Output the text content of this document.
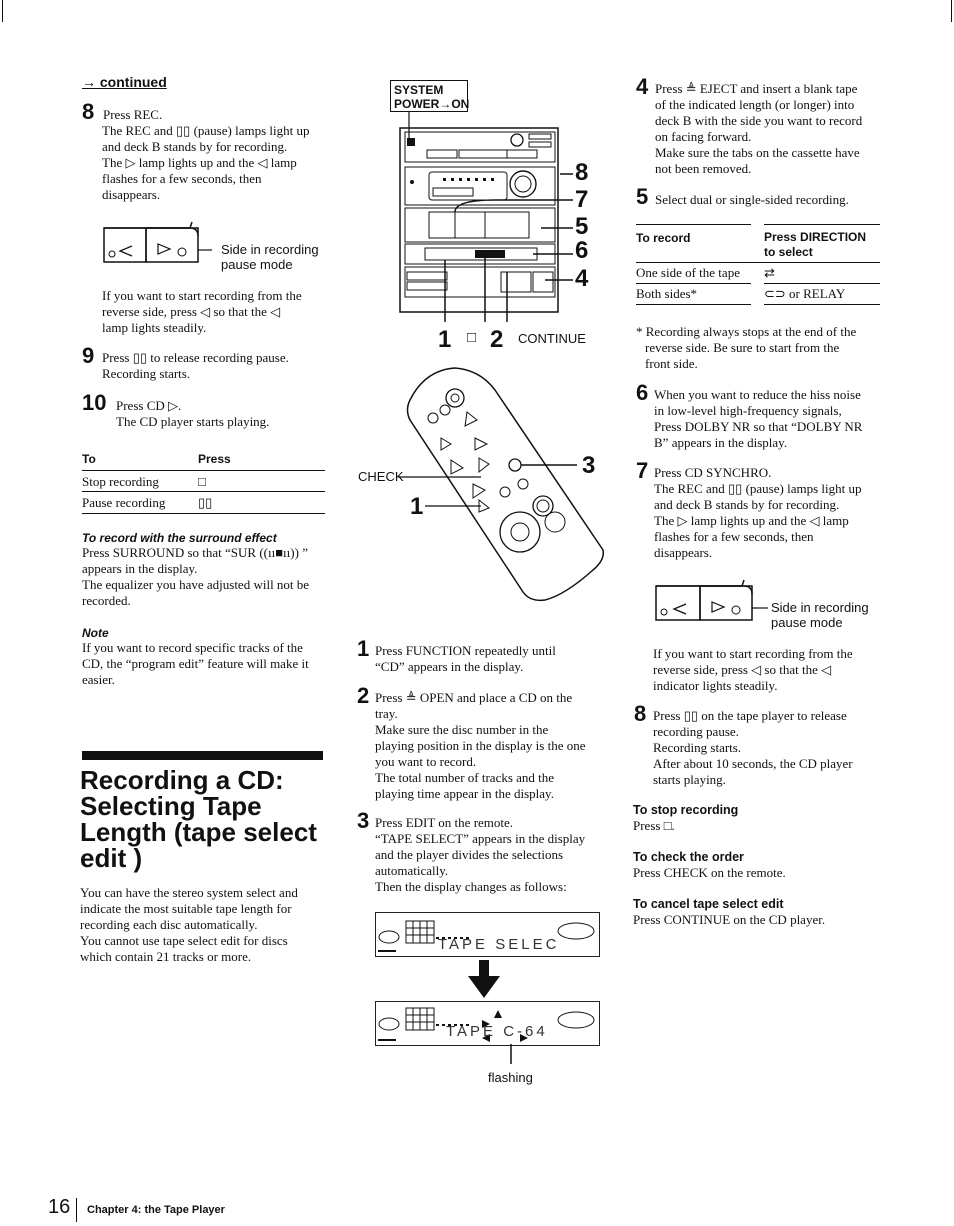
→ continued
8 Press REC.
The REC and ▯▯ (pause) lamps light up
and deck B stands by for recording.
The ▷ lamp lights up and the ◁ lamp
flashes for a few seconds, then
disappears.
Side in recording
pause mode
If you want to start recording from the
reverse side, press ◁ so that the ◁
lamp lights steadily.
9 Press ▯▯ to release recording pause.
Recording starts.
10 Press CD ▷.
The CD player starts playing.
To	Press
Stop recording	□
Pause recording	▯▯
To record with the surround effect
Press SURROUND so that “SUR ((ıı■ıı)) ”
appears in the display.
The equalizer you have adjusted will not be
recorded.
Note
If you want to record specific tracks of the
CD, the “program edit” feature will make it
easier.
Recording a CD:
Selecting Tape
Length (tape select
edit )
You can have the stereo system select and
indicate the most suitable tape length for
recording each disc automatically.
You cannot use tape select edit for discs
which contain 21 tracks or more.
SYSTEM
POWER→ON
8
7
5
6
4
1 □ 2 CONTINUE
CHECK	3
1
1 Press FUNCTION repeatedly until
“CD” appears in the display.
2 Press ≜ OPEN and place a CD on the
tray.
Make sure the disc number in the
playing position in the display is the one
you want to record.
The total number of tracks and the
playing time appear in the display.
3 Press EDIT on the remote.
“TAPE SELECT” appears in the display
and the player divides the selections
automatically.
Then the display changes as follows:
TAPE SELEC
TAPE C-64
flashing
4 Press ≜ EJECT and insert a blank tape
of the indicated length (or longer) into
deck B with the side you want to record
on facing forward.
Make sure the tabs on the cassette have
not been removed.
5 Select dual or single-sided recording.
To record	Press DIRECTION
to select
One side of the tape ⇄
Both sides*	⊂⊃ or RELAY
* Recording always stops at the end of the
reverse side. Be sure to start from the
front side.
6 When you want to reduce the hiss noise
in low-level high-frequency signals,
Press DOLBY NR so that “DOLBY NR
B” appears in the display.
7 Press CD SYNCHRO.
The REC and ▯▯ (pause) lamps light up
and deck B stands by for recording.
The ▷ lamp lights up and the ◁ lamp
flashes for a few seconds, then
disappears.
Side in recording
pause mode
If you want to start recording from the
reverse side, press ◁ so that the ◁
indicator lights steadily.
8 Press ▯▯ on the tape player to release
recording pause.
Recording starts.
After about 10 seconds, the CD player
starts playing.
To stop recording
Press □.
To check the order
Press CHECK on the remote.
To cancel tape select edit
Press CONTINUE on the CD player.
16 Chapter 4: the Tape Player
